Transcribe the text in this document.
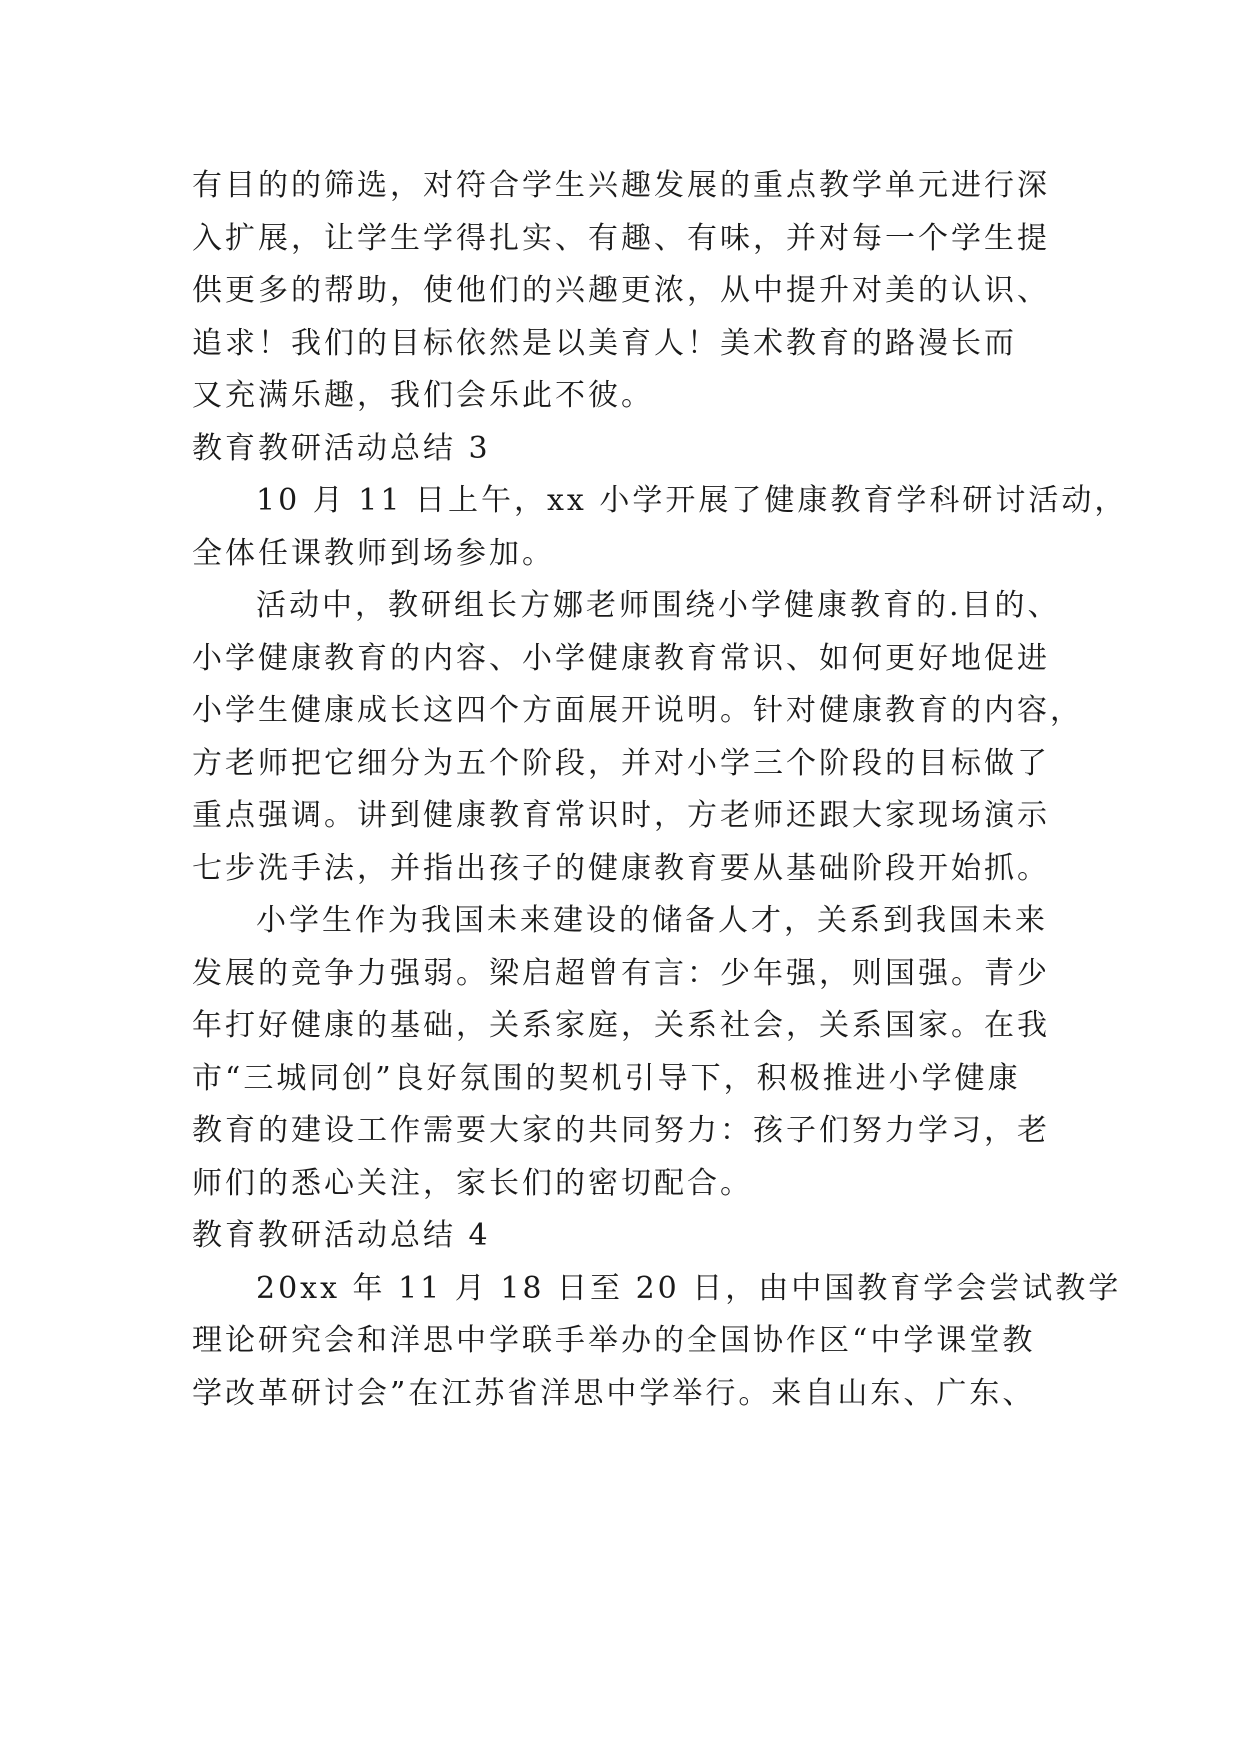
有目的的筛选，对符合学生兴趣发展的重点教学单元进行深
入扩展，让学生学得扎实、有趣、有味，并对每一个学生提
供更多的帮助，使他们的兴趣更浓，从中提升对美的认识、
追求！我们的目标依然是以美育人！美术教育的路漫长而
又充满乐趣，我们会乐此不彼。
教育教研活动总结 3
10 月 11 日上午，xx 小学开展了健康教育学科研讨活动，
全体任课教师到场参加。
活动中，教研组长方娜老师围绕小学健康教育的.目的、
小学健康教育的内容、小学健康教育常识、如何更好地促进
小学生健康成长这四个方面展开说明。针对健康教育的内容，
方老师把它细分为五个阶段，并对小学三个阶段的目标做了
重点强调。讲到健康教育常识时，方老师还跟大家现场演示
七步洗手法，并指出孩子的健康教育要从基础阶段开始抓。
小学生作为我国未来建设的储备人才，关系到我国未来
发展的竞争力强弱。梁启超曾有言：少年强，则国强。青少
年打好健康的基础，关系家庭，关系社会，关系国家。在我
市“三城同创”良好氛围的契机引导下，积极推进小学健康
教育的建设工作需要大家的共同努力：孩子们努力学习，老
师们的悉心关注，家长们的密切配合。
教育教研活动总结 4
20xx 年 11 月 18 日至 20 日，由中国教育学会尝试教学
理论研究会和洋思中学联手举办的全国协作区“中学课堂教
学改革研讨会”在江苏省洋思中学举行。来自山东、广东、
